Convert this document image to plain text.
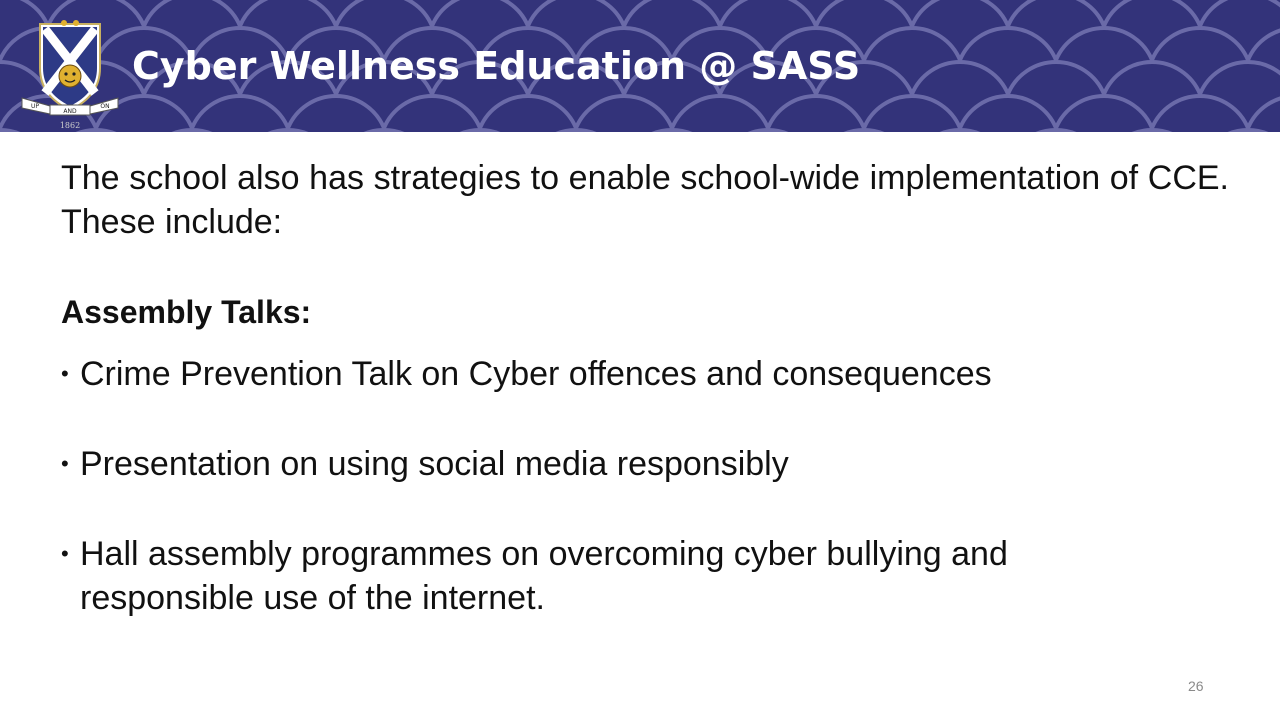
UP
AND
ON
1862
Cyber Wellness Education @ SASS

The school also has strategies to enable school-wide implementation of CCE. These include:

Assembly Talks:

• Crime Prevention Talk on Cyber offences and consequences
• Presentation on using social media responsibly
• Hall assembly programmes on overcoming cyber bullying and responsible use of the internet.
26
